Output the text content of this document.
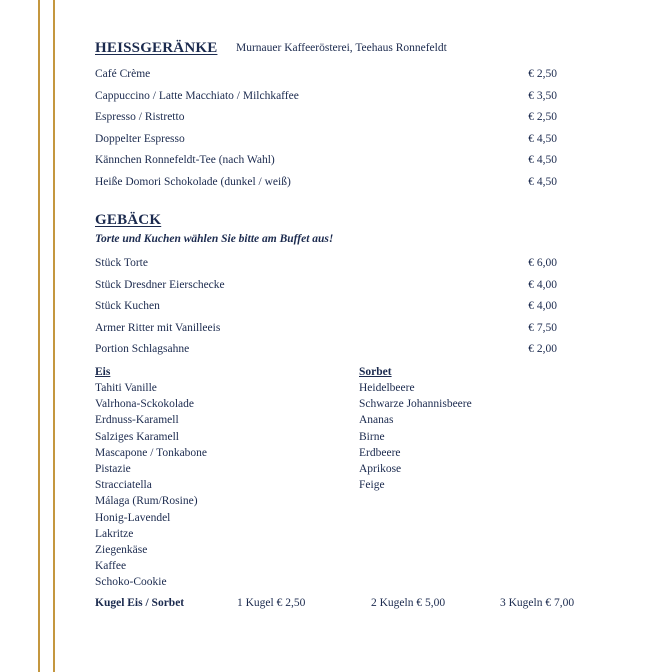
HEISSGERÄNKE Murnauer Kaffeerösterei, Teehaus Ronnefeldt
Café Crème	€ 2,50
Cappuccino / Latte Macchiato / Milchkaffee	€ 3,50
Espresso / Ristretto	€ 2,50
Doppelter Espresso	€ 4,50
Kännchen Ronnefeldt-Tee (nach Wahl)	€ 4,50
Heiße Domori Schokolade (dunkel / weiß)	€ 4,50
GEBÄCK
Torte und Kuchen wählen Sie bitte am Buffet aus!
Stück Torte	€ 6,00
Stück Dresdner Eierschecke	€ 4,00
Stück Kuchen	€ 4,00
Armer Ritter mit Vanilleeis	€ 7,50
Portion Schlagsahne	€ 2,00
Eis
Tahiti Vanille
Valrhona-Sckokolade
Erdnuss-Karamell
Salziges Karamell
Mascapone / Tonkabone
Pistazie
Stracciatella
Málaga (Rum/Rosine)
Honig-Lavendel
Lakritze
Ziegenkäse
Kaffee
Schoko-Cookie
Sorbet
Heidelbeere
Schwarze Johannisbeere
Ananas
Birne
Erdbeere
Aprikose
Feige
Kugel Eis / Sorbet	1 Kugel € 2,50	2 Kugeln € 5,00	3 Kugeln € 7,00
